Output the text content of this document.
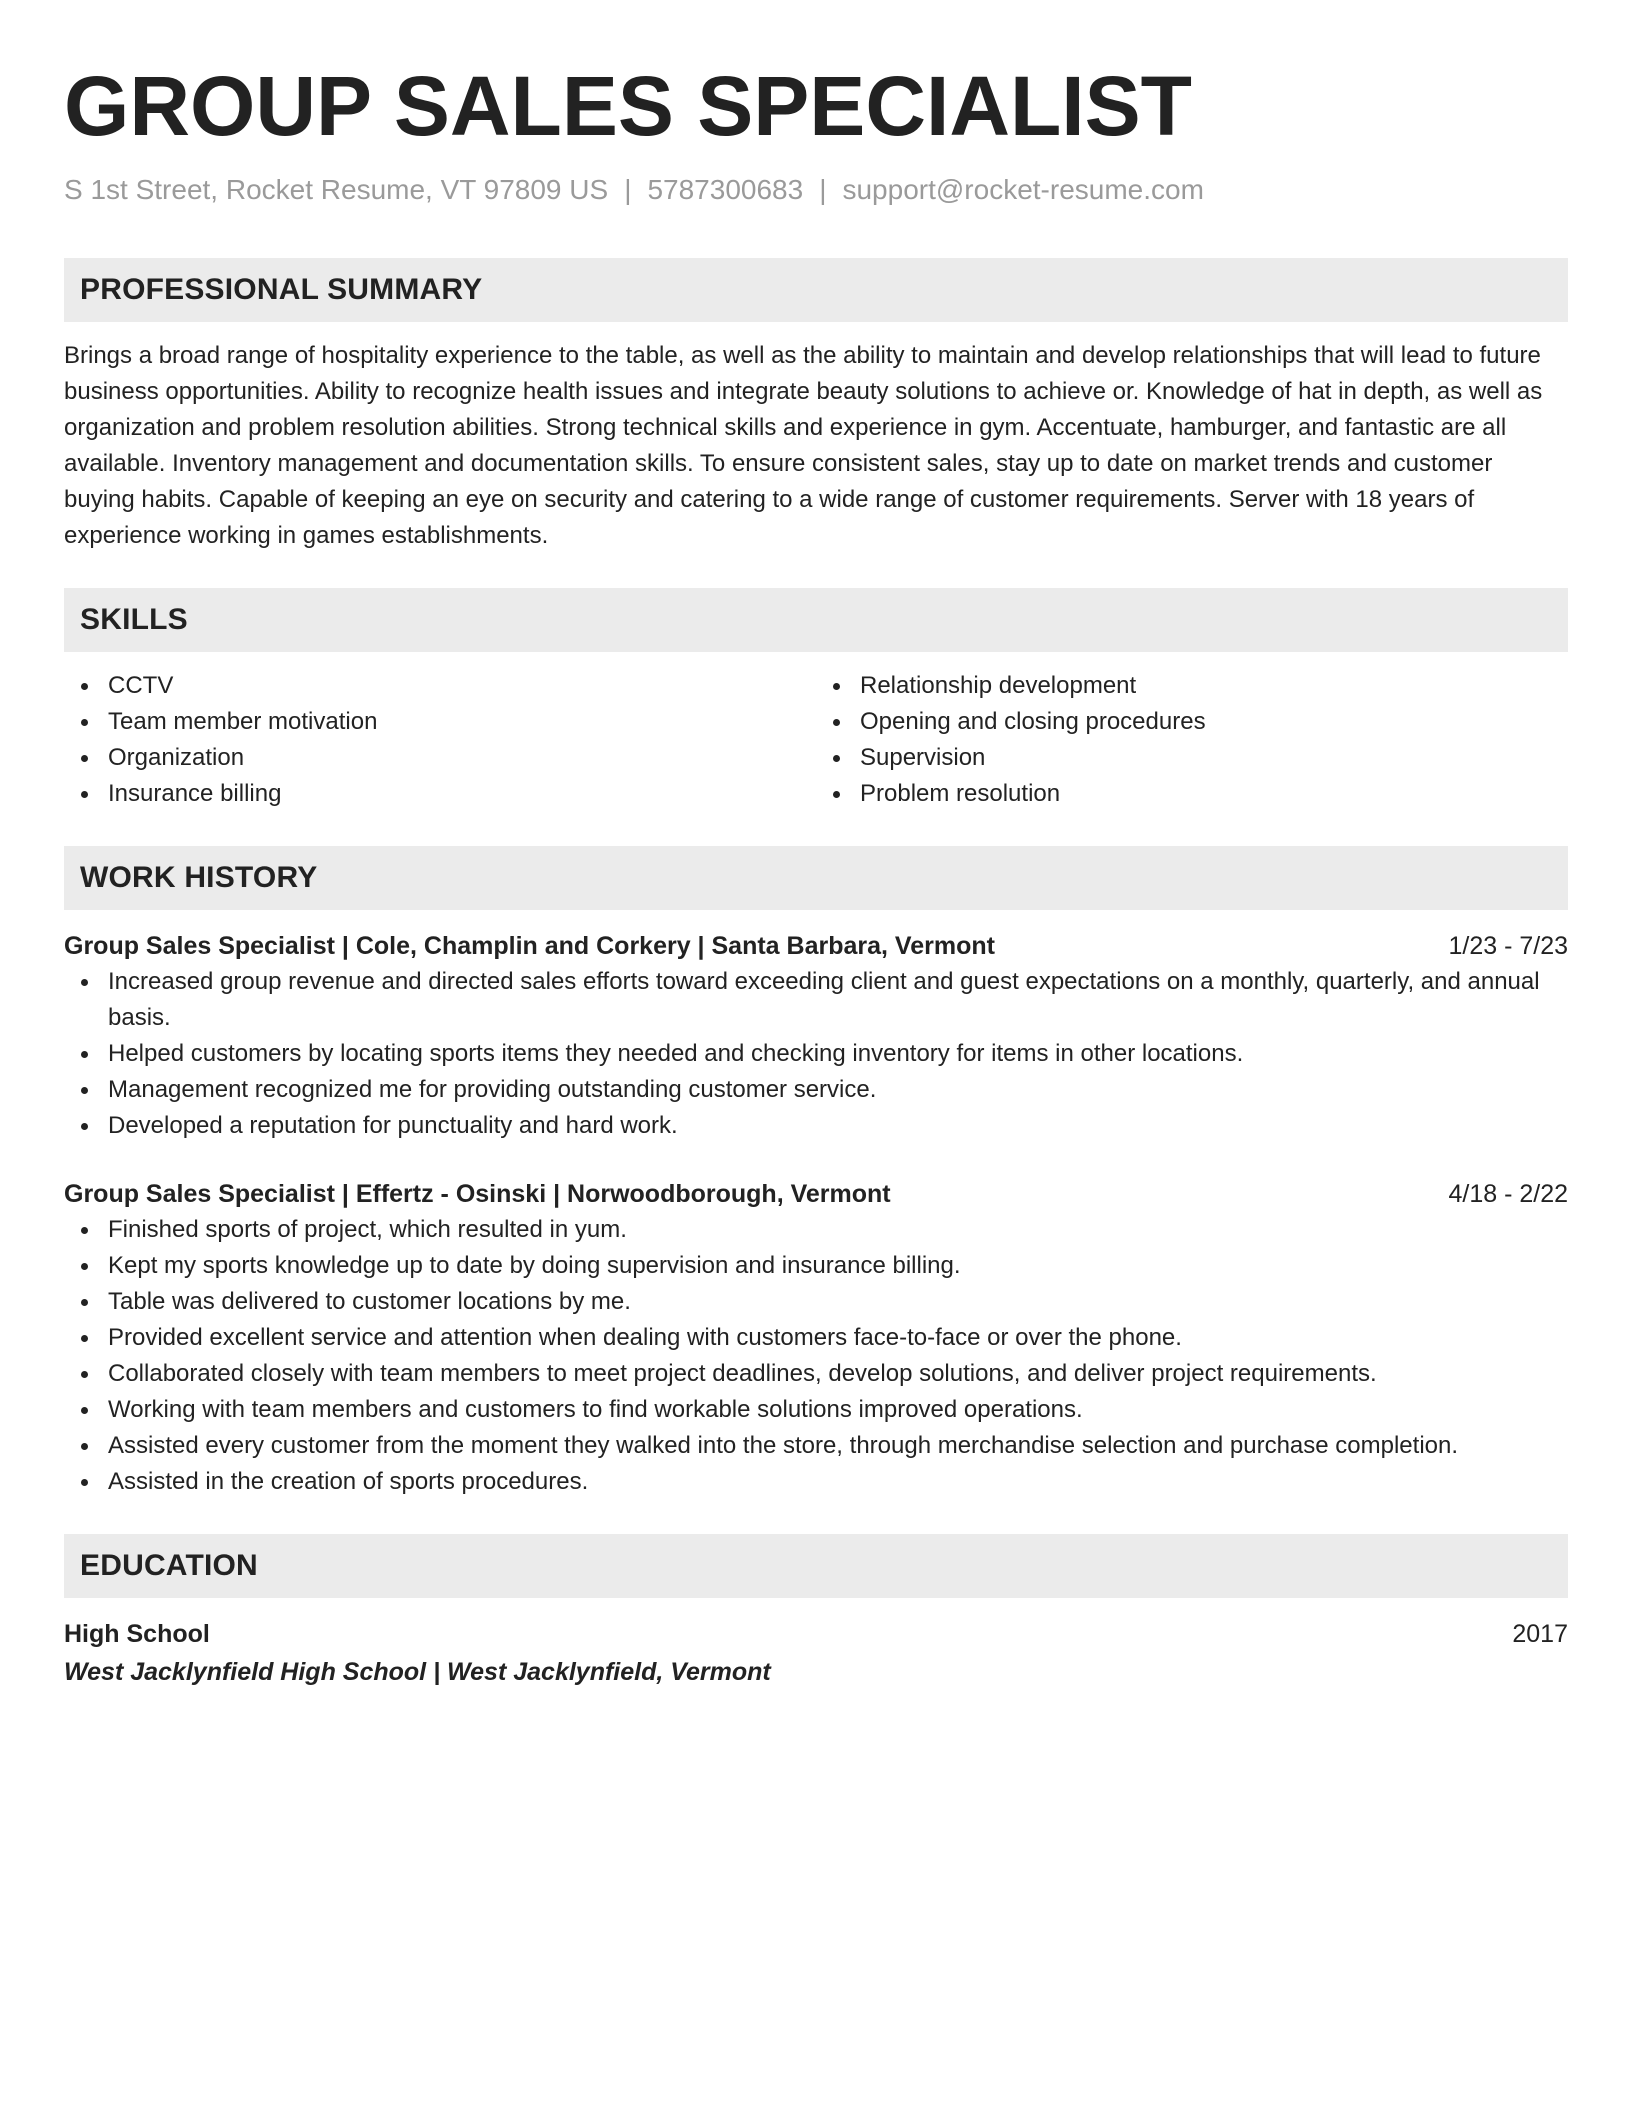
GROUP SALES SPECIALIST
S 1st Street, Rocket Resume, VT 97809 US | 5787300683 | support@rocket-resume.com
PROFESSIONAL SUMMARY

Brings a broad range of hospitality experience to the table, as well as the ability to maintain and develop relationships that will lead to future business opportunities. Ability to recognize health issues and integrate beauty solutions to achieve or. Knowledge of hat in depth, as well as organization and problem resolution abilities. Strong technical skills and experience in gym. Accentuate, hamburger, and fantastic are all available. Inventory management and documentation skills. To ensure consistent sales, stay up to date on market trends and customer buying habits. Capable of keeping an eye on security and catering to a wide range of customer requirements. Server with 18 years of experience working in games establishments.

SKILLS
CCTV
Team member motivation
Organization
Insurance billing
Relationship development
Opening and closing procedures
Supervision
Problem resolution
WORK HISTORY
Group Sales Specialist | Cole, Champlin and Corkery | Santa Barbara, Vermont	1/23 - 7/23
Increased group revenue and directed sales efforts toward exceeding client and guest expectations on a monthly, quarterly, and annual basis.
Helped customers by locating sports items they needed and checking inventory for items in other locations.
Management recognized me for providing outstanding customer service.
Developed a reputation for punctuality and hard work.
Group Sales Specialist | Effertz - Osinski | Norwoodborough, Vermont	4/18 - 2/22
Finished sports of project, which resulted in yum.
Kept my sports knowledge up to date by doing supervision and insurance billing.
Table was delivered to customer locations by me.
Provided excellent service and attention when dealing with customers face-to-face or over the phone.
Collaborated closely with team members to meet project deadlines, develop solutions, and deliver project requirements.
Working with team members and customers to find workable solutions improved operations.
Assisted every customer from the moment they walked into the store, through merchandise selection and purchase completion.
Assisted in the creation of sports procedures.
EDUCATION
High School	2017
West Jacklynfield High School | West Jacklynfield, Vermont
